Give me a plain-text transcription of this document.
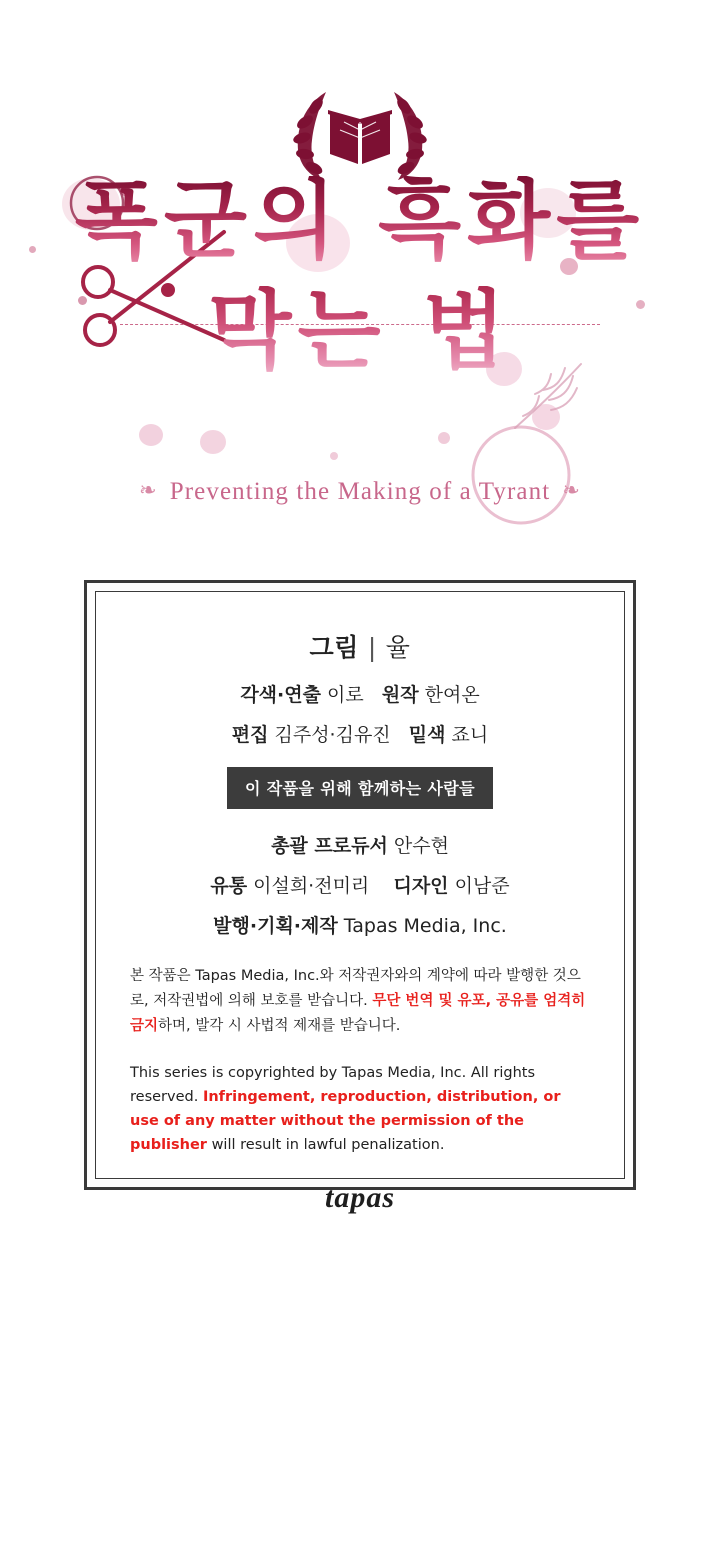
폭군의 흑화를
막는 법
❧ Preventing the Making of a Tyrant ❧
그림 | 율
각색·연출 이로 원작 한여온
편집 김주성·김유진 밑색 죠니
이 작품을 위해 함께하는 사람들
총괄 프로듀서 안수현
유통 이설희·전미리 디자인 이남준
발행·기획·제작 Tapas Media, Inc.

본 작품은 Tapas Media, Inc.와 저작권자와의 계약에 따라 발행한 것으로, 저작권법에 의해 보호를 받습니다. 무단 번역 및 유포, 공유를 엄격히 금지하며, 발각 시 사법적 제재를 받습니다.

This series is copyrighted by Tapas Media, Inc. All rights reserved. Infringement, reproduction, distribution, or use of any matter without the permission of the publisher will result in lawful penalization.

tapas
